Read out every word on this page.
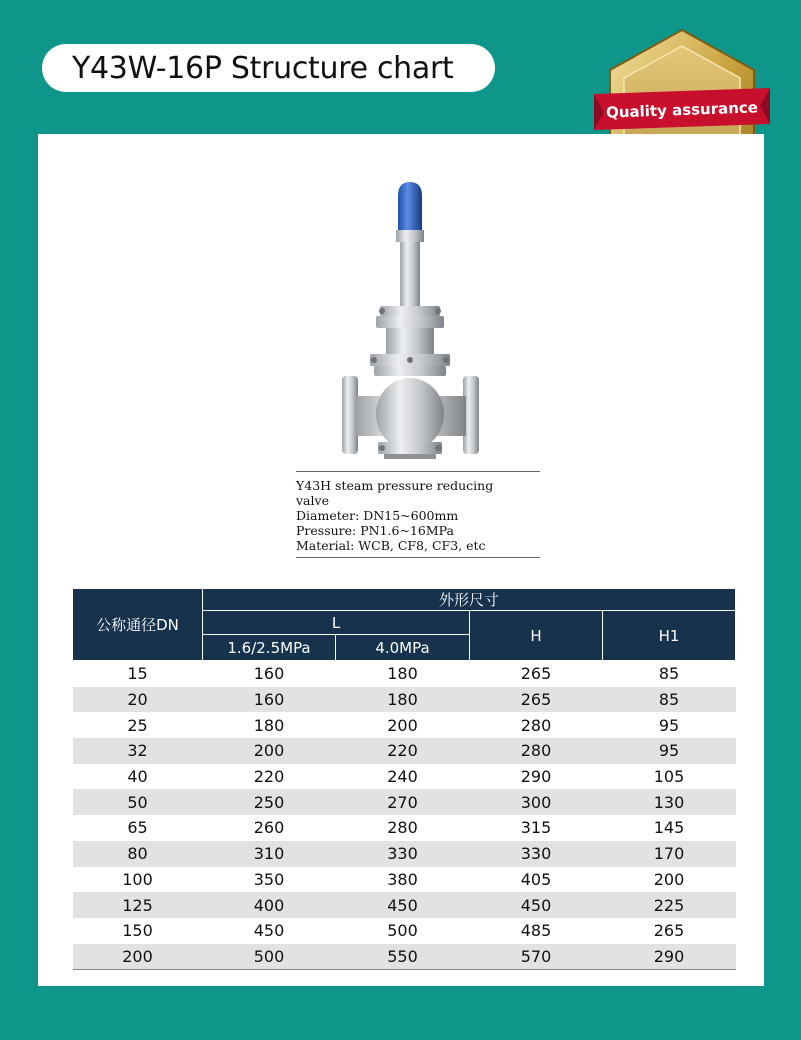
Y43W-16P Structure chart
Quality assurance
Y43H steam pressure reducing
valve
Diameter: DN15~600mm
Pressure: PN1.6~16MPa
Material: WCB, CF8, CF3, etc
公称通径DN	外形尺寸			
	L		H	H1
	1.6/2.5MPa	4.0MPa		
15	160	180	265	85
20	160	180	265	85
25	180	200	280	95
32	200	220	280	95
40	220	240	290	105
50	250	270	300	130
65	260	280	315	145
80	310	330	330	170
100	350	380	405	200
125	400	450	450	225
150	450	500	485	265
200	500	550	570	290
